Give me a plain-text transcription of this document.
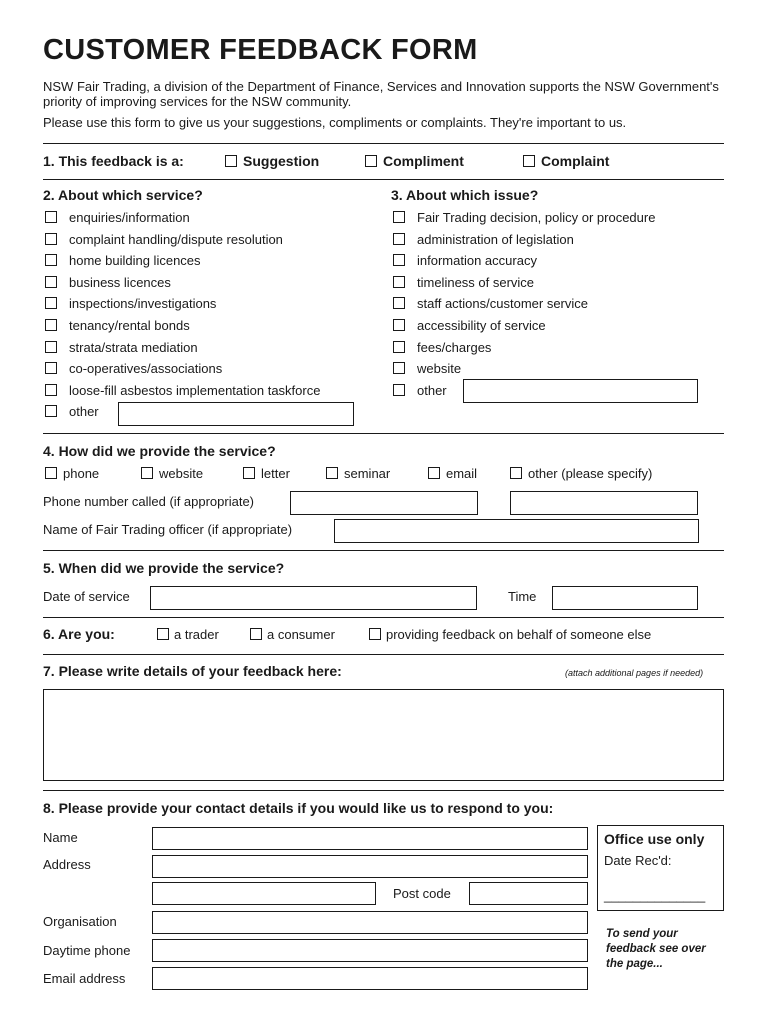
CUSTOMER FEEDBACK FORM
NSW Fair Trading, a division of the Department of Finance, Services and Innovation supports the NSW Government's priority of improving services for the NSW community.
Please use this form to give us your suggestions, compliments or complaints. They're important to us.
1. This feedback is a:	Suggestion	Compliment	Complaint
2. About which service?	3. About which issue?
enquiries/information
complaint handling/dispute resolution
home building licences
business licences
inspections/investigations
tenancy/rental bonds
strata/strata mediation
co-operatives/associations
loose-fill asbestos implementation taskforce
other
Fair Trading decision, policy or procedure
administration of legislation
information accuracy
timeliness of service
staff actions/customer service
accessibility of service
fees/charges
website
other
4. How did we provide the service?
phone	website	letter	seminar	email	other (please specify)
Phone number called (if appropriate)
Name of Fair Trading officer (if appropriate)
5. When did we provide the service?
Date of service	Time
6. Are you:	a trader	a consumer	providing feedback on behalf of someone else
7. Please write details of your feedback here:	(attach additional pages if needed)
8. Please provide your contact details if you would like us to respond to you:
Name
Address
Post code
Organisation
Daytime phone
Email address
Office use only
Date Rec'd:
______________
To send your feedback see over the page...
